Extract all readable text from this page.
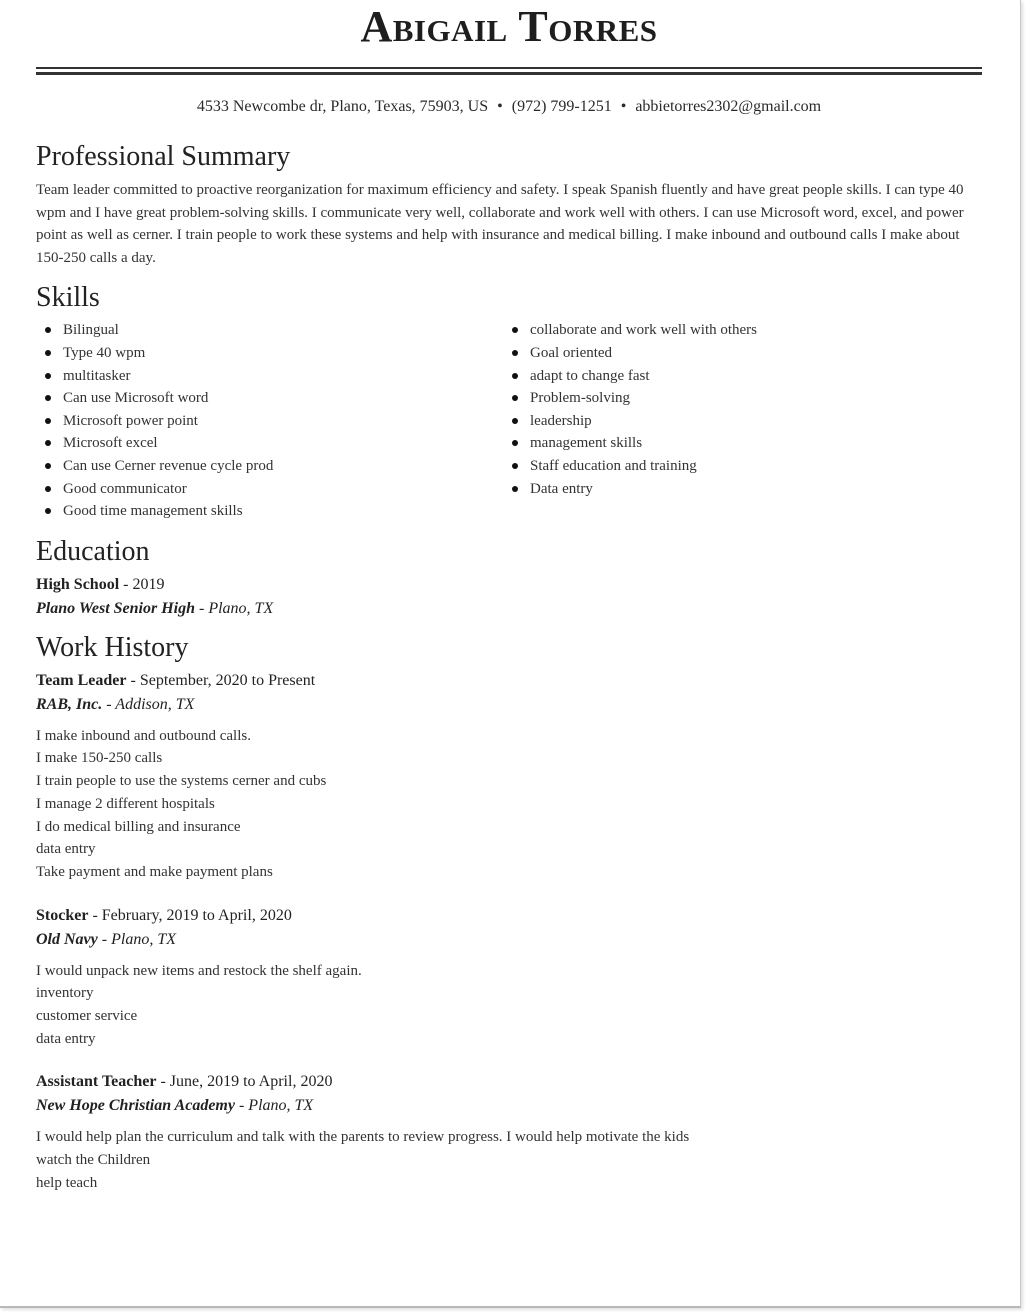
Abigail Torres
4533 Newcombe dr, Plano, Texas, 75903, US • (972) 799-1251 • abbietorres2302@gmail.com
Professional Summary

Team leader committed to proactive reorganization for maximum efficiency and safety. I speak Spanish fluently and have great people skills. I can type 40

wpm and I have great problem-solving skills. I communicate very well, collaborate and work well with others. I can use Microsoft word, excel, and power point as well as cerner. I train people to work these systems and help with insurance and medical billing. I make inbound and outbound calls I make about 150-250 calls a day.

Skills
Bilingual
Type 40 wpm
multitasker
Can use Microsoft word
Microsoft power point
Microsoft excel
Can use Cerner revenue cycle prod
Good communicator
Good time management skills
collaborate and work well with others
Goal oriented
adapt to change fast
Problem-solving
leadership
management skills
Staff education and training
Data entry
Education
High School - 2019
Plano West Senior High - Plano, TX
Work History
Team Leader - September, 2020 to Present
RAB, Inc. - Addison, TX
I make inbound and outbound calls.
I make 150-250 calls
I train people to use the systems cerner and cubs
I manage 2 different hospitals
I do medical billing and insurance
data entry
Take payment and make payment plans
Stocker - February, 2019 to April, 2020
Old Navy - Plano, TX
I would unpack new items and restock the shelf again.
inventory
customer service
data entry
Assistant Teacher - June, 2019 to April, 2020
New Hope Christian Academy - Plano, TX
I would help plan the curriculum and talk with the parents to review progress. I would help motivate the kids
watch the Children
help teach
